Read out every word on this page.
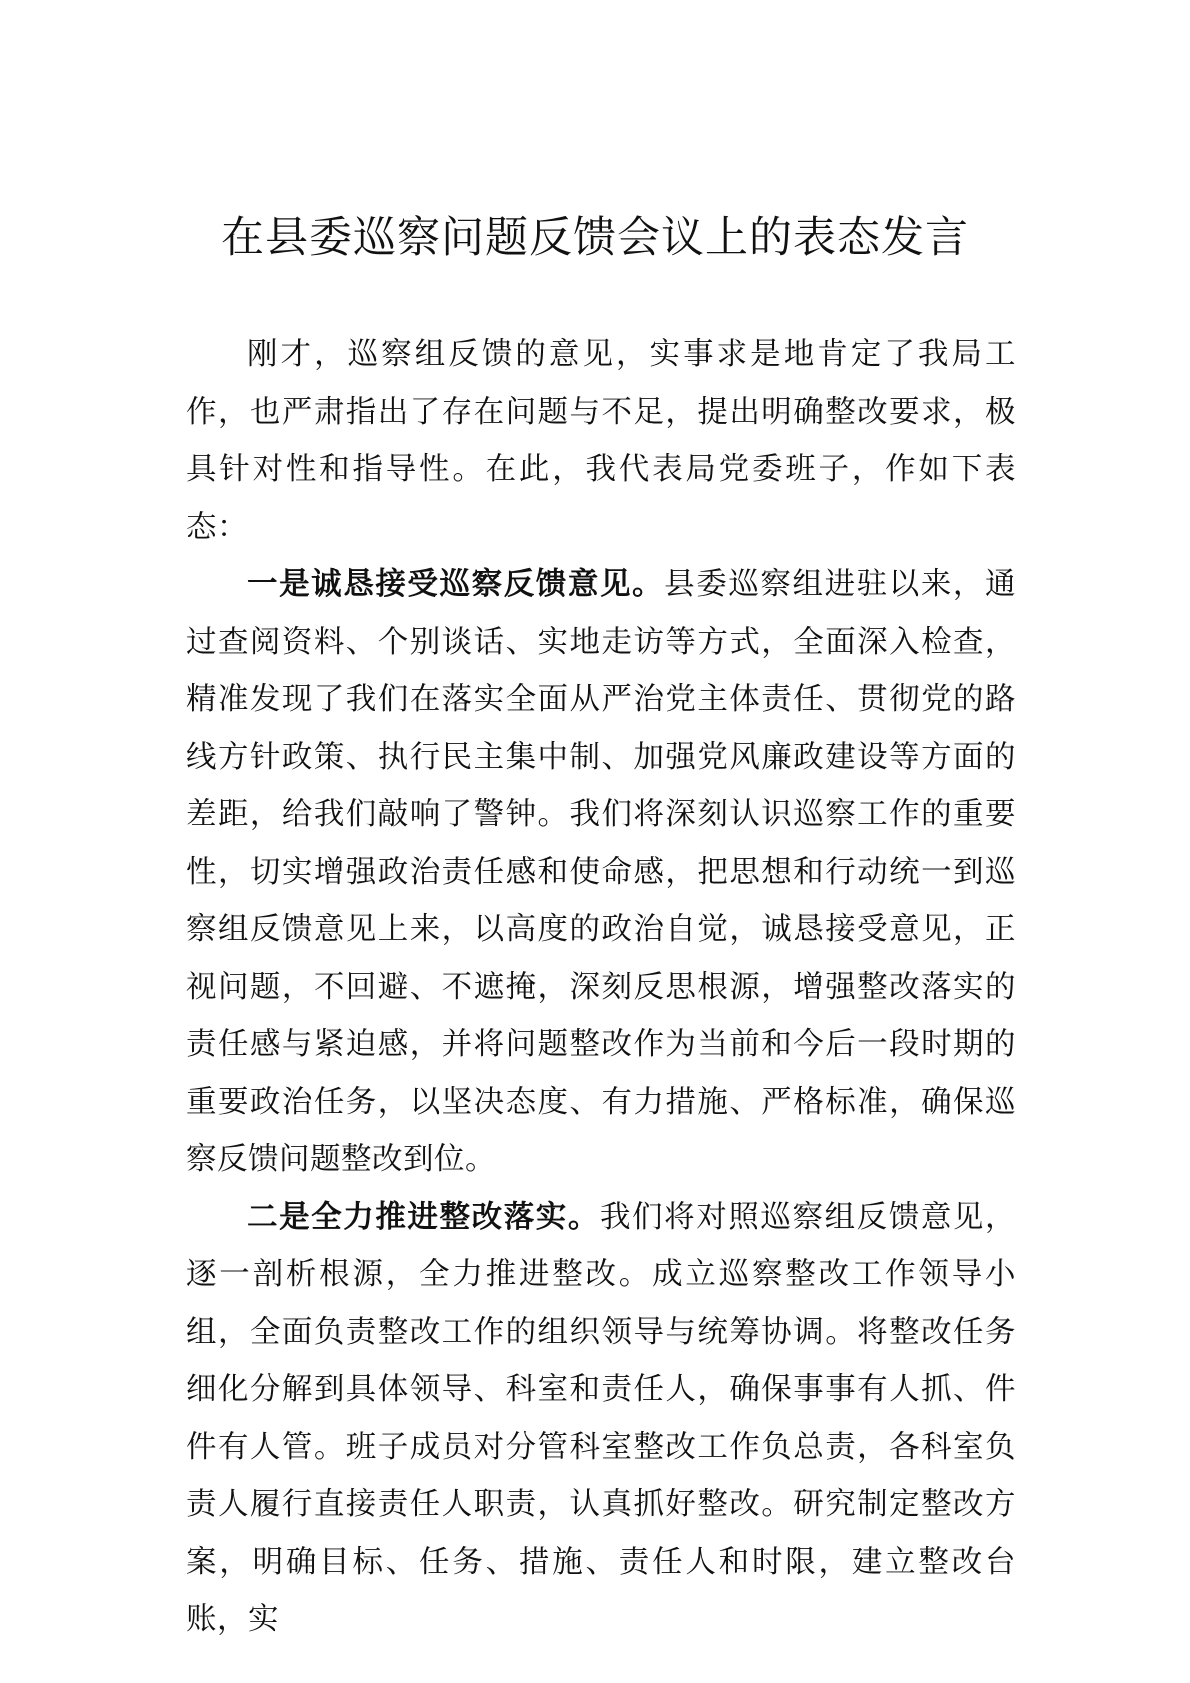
在县委巡察问题反馈会议上的表态发言

刚才，巡察组反馈的意见，实事求是地肯定了我局工作，也严肃指出了存在问题与不足，提出明确整改要求，极具针对性和指导性。在此，我代表局党委班子，作如下表态：

一是诚恳接受巡察反馈意见。县委巡察组进驻以来，通过查阅资料、个别谈话、实地走访等方式，全面深入检查，精准发现了我们在落实全面从严治党主体责任、贯彻党的路线方针政策、执行民主集中制、加强党风廉政建设等方面的差距，给我们敲响了警钟。我们将深刻认识巡察工作的重要性，切实增强政治责任感和使命感，把思想和行动统一到巡察组反馈意见上来，以高度的政治自觉，诚恳接受意见，正视问题，不回避、不遮掩，深刻反思根源，增强整改落实的责任感与紧迫感，并将问题整改作为当前和今后一段时期的重要政治任务，以坚决态度、有力措施、严格标准，确保巡察反馈问题整改到位。

二是全力推进整改落实。我们将对照巡察组反馈意见，逐一剖析根源，全力推进整改。成立巡察整改工作领导小组，全面负责整改工作的组织领导与统筹协调。将整改任务细化分解到具体领导、科室和责任人，确保事事有人抓、件件有人管。班子成员对分管科室整改工作负总责，各科室负责人履行直接责任人职责，认真抓好整改。研究制定整改方案，明确目标、任务、措施、责任人和时限，建立整改台账，实
